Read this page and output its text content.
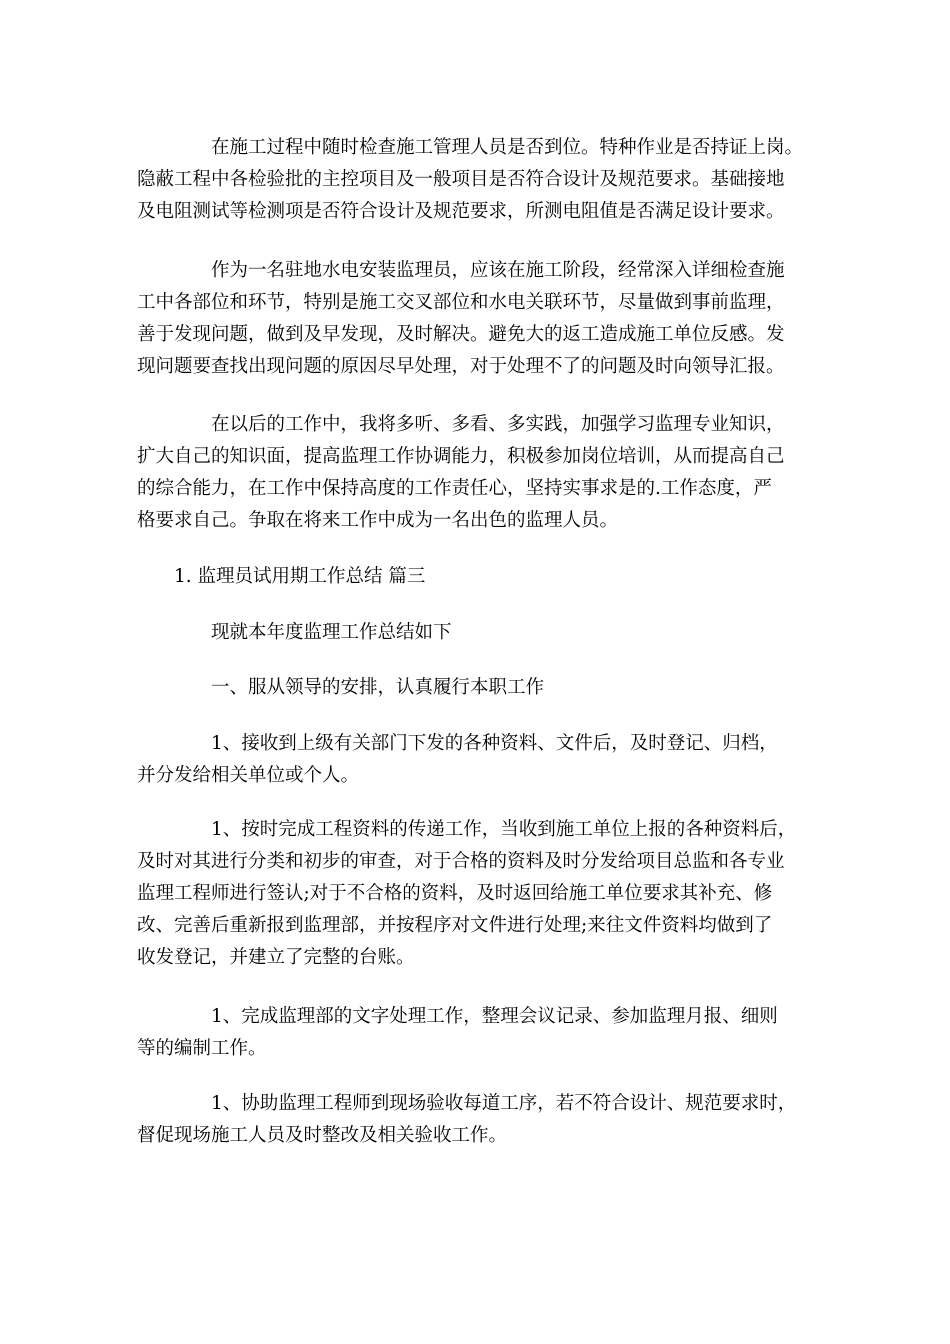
在施工过程中随时检查施工管理人员是否到位。特种作业是否持证上岗。
隐蔽工程中各检验批的主控项目及一般项目是否符合设计及规范要求。基础接地
及电阻测试等检测项是否符合设计及规范要求，所测电阻值是否满足设计要求。
作为一名驻地水电安装监理员，应该在施工阶段，经常深入详细检查施
工中各部位和环节，特别是施工交叉部位和水电关联环节，尽量做到事前监理，
善于发现问题，做到及早发现，及时解决。避免大的返工造成施工单位反感。发
现问题要查找出现问题的原因尽早处理，对于处理不了的问题及时向领导汇报。
在以后的工作中，我将多听、多看、多实践，加强学习监理专业知识，
扩大自己的知识面，提高监理工作协调能力，积极参加岗位培训，从而提高自己
的综合能力，在工作中保持高度的工作责任心，坚持实事求是的.工作态度，严
格要求自己。争取在将来工作中成为一名出色的监理人员。
1. 监理员试用期工作总结 篇三
现就本年度监理工作总结如下
一、服从领导的安排，认真履行本职工作
1、接收到上级有关部门下发的各种资料、文件后，及时登记、归档，
并分发给相关单位或个人。
1、按时完成工程资料的传递工作，当收到施工单位上报的各种资料后，
及时对其进行分类和初步的审查，对于合格的资料及时分发给项目总监和各专业
监理工程师进行签认;对于不合格的资料，及时返回给施工单位要求其补充、修
改、完善后重新报到监理部，并按程序对文件进行处理;来往文件资料均做到了
收发登记，并建立了完整的台账。
1、完成监理部的文字处理工作，整理会议记录、参加监理月报、细则
等的编制工作。
1、协助监理工程师到现场验收每道工序，若不符合设计、规范要求时，
督促现场施工人员及时整改及相关验收工作。
